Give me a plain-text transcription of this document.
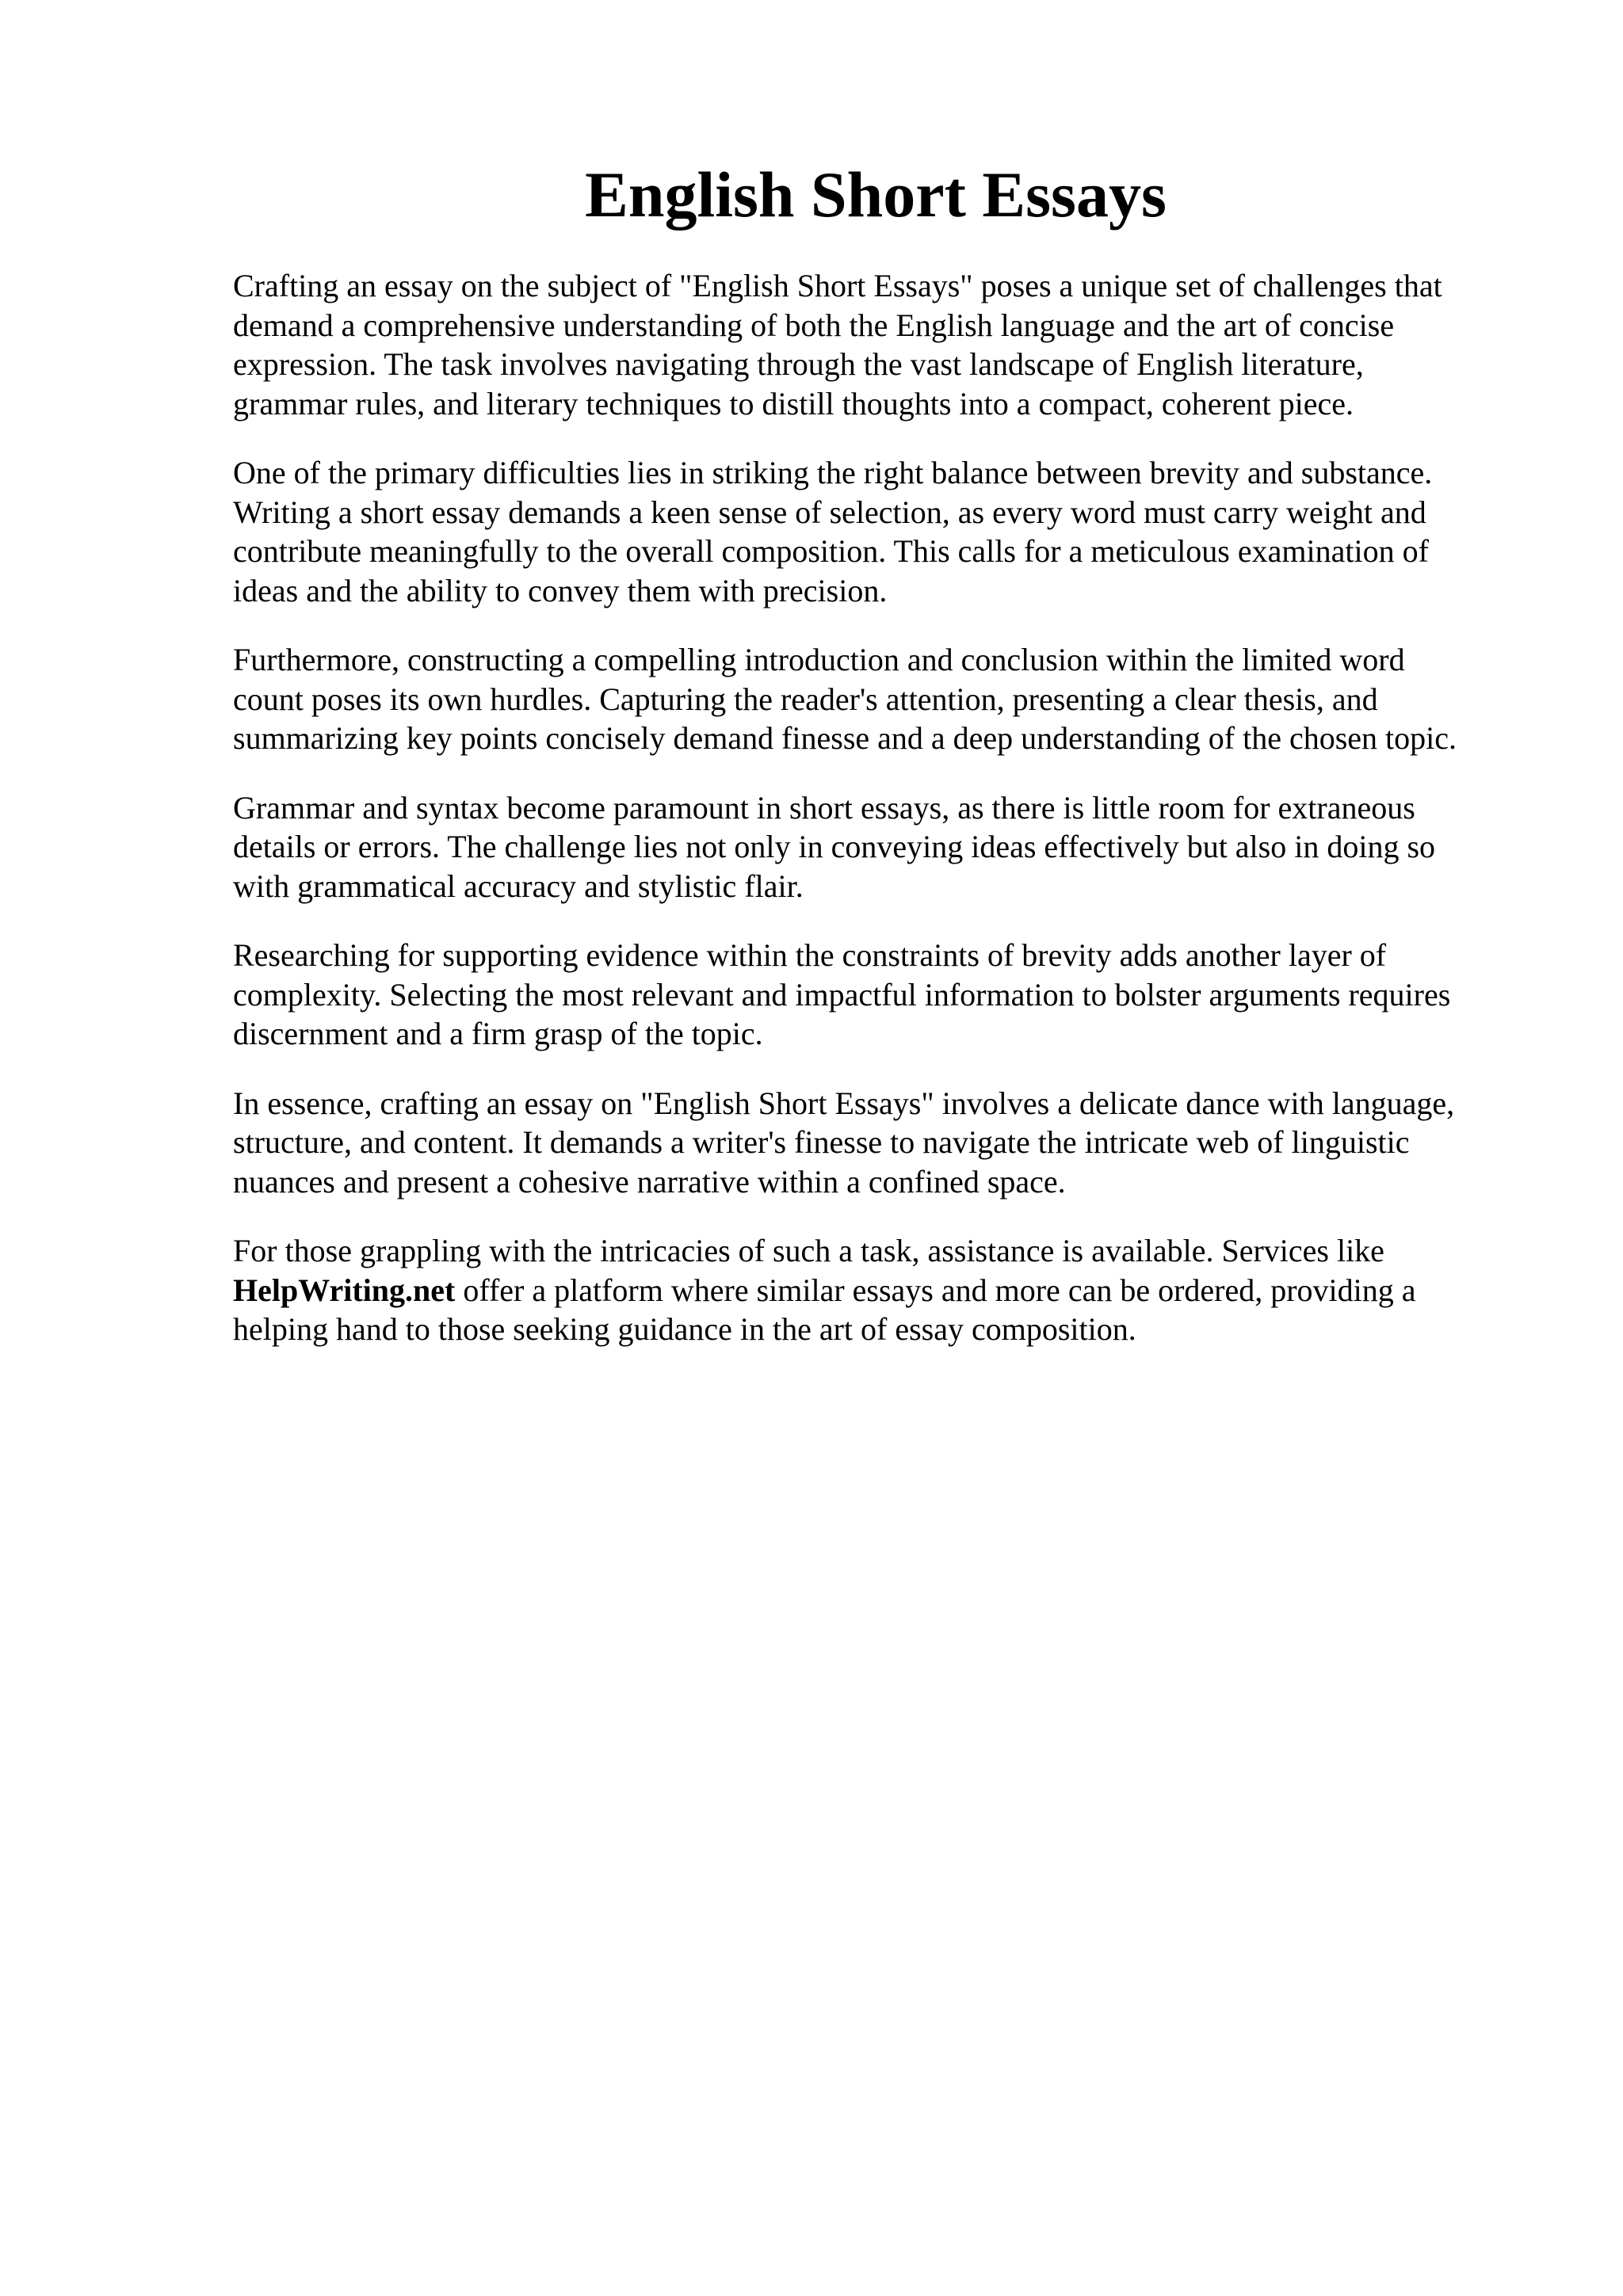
English Short Essays

Crafting an essay on the subject of "English Short Essays" poses a unique set of challenges that
demand a comprehensive understanding of both the English language and the art of concise
expression. The task involves navigating through the vast landscape of English literature,
grammar rules, and literary techniques to distill thoughts into a compact, coherent piece.

One of the primary difficulties lies in striking the right balance between brevity and substance.
Writing a short essay demands a keen sense of selection, as every word must carry weight and
contribute meaningfully to the overall composition. This calls for a meticulous examination of
ideas and the ability to convey them with precision.

Furthermore, constructing a compelling introduction and conclusion within the limited word
count poses its own hurdles. Capturing the reader's attention, presenting a clear thesis, and
summarizing key points concisely demand finesse and a deep understanding of the chosen topic.

Grammar and syntax become paramount in short essays, as there is little room for extraneous
details or errors. The challenge lies not only in conveying ideas effectively but also in doing so
with grammatical accuracy and stylistic flair.

Researching for supporting evidence within the constraints of brevity adds another layer of
complexity. Selecting the most relevant and impactful information to bolster arguments requires
discernment and a firm grasp of the topic.

In essence, crafting an essay on "English Short Essays" involves a delicate dance with language,
structure, and content. It demands a writer's finesse to navigate the intricate web of linguistic
nuances and present a cohesive narrative within a confined space.

For those grappling with the intricacies of such a task, assistance is available. Services like
HelpWriting.net offer a platform where similar essays and more can be ordered, providing a
helping hand to those seeking guidance in the art of essay composition.
